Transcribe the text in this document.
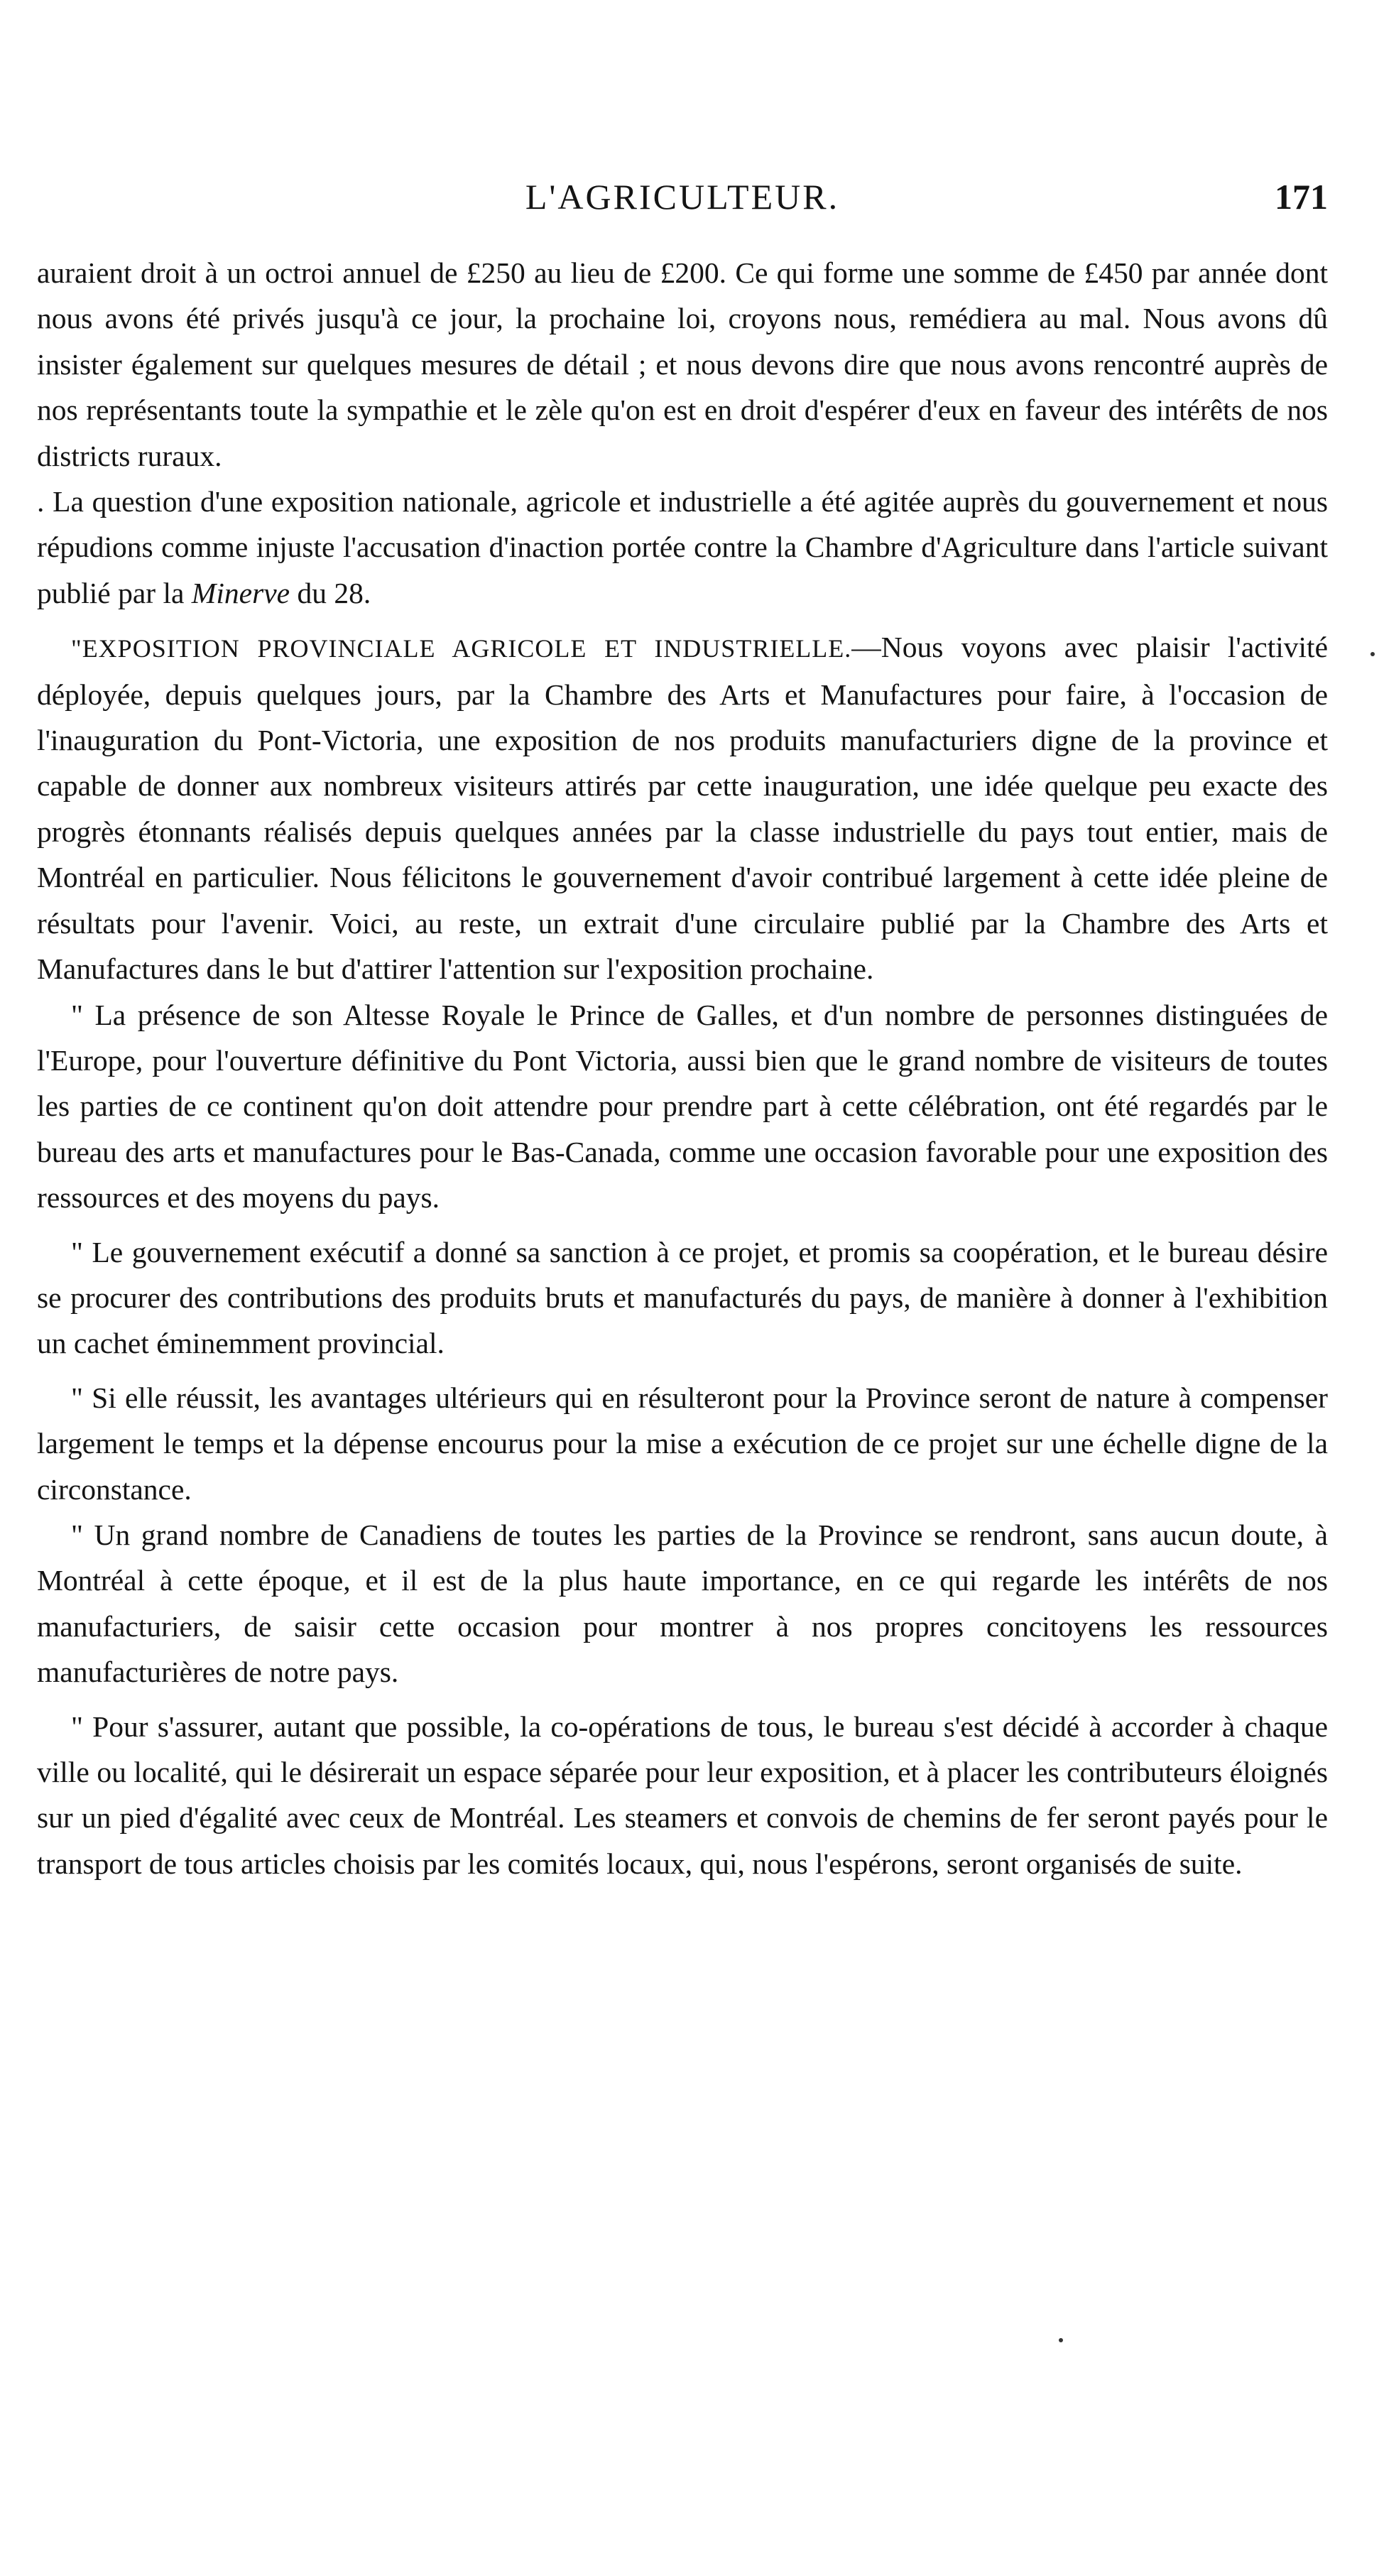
L'AGRICULTEUR.	171

auraient droit à un octroi annuel de £250 au lieu de £200. Ce qui forme une somme de £450 par année dont nous avons été privés jusqu'à ce jour, la prochaine loi, croyons nous, remédiera au mal. Nous avons dû insister également sur quelques mesures de détail ; et nous devons dire que nous avons rencontré auprès de nos représentants toute la sympathie et le zèle qu'on est en droit d'espérer d'eux en faveur des intérêts de nos districts ruraux.

. La question d'une exposition nationale, agricole et industrielle a été agitée auprès du gouvernement et nous répudions comme injuste l'accusation d'inaction portée contre la Chambre d'Agriculture dans l'article suivant publié par la Minerve du 28.

"EXPOSITION PROVINCIALE AGRICOLE ET INDUSTRIELLE.—Nous voyons avec plaisir l'activité déployée, depuis quelques jours, par la Chambre des Arts et Manufactures pour faire, à l'occasion de l'inauguration du Pont-Victoria, une exposition de nos produits manufacturiers digne de la province et capable de donner aux nombreux visiteurs attirés par cette inauguration, une idée quelque peu exacte des progrès étonnants réalisés depuis quelques années par la classe industrielle du pays tout entier, mais de Montréal en particulier. Nous félicitons le gouvernement d'avoir contribué largement à cette idée pleine de résultats pour l'avenir. Voici, au reste, un extrait d'une circulaire publié par la Chambre des Arts et Manufactures dans le but d'attirer l'attention sur l'exposition prochaine.

" La présence de son Altesse Royale le Prince de Galles, et d'un nombre de personnes distinguées de l'Europe, pour l'ouverture définitive du Pont Victoria, aussi bien que le grand nombre de visiteurs de toutes les parties de ce continent qu'on doit attendre pour prendre part à cette célébration, ont été regardés par le bureau des arts et manufactures pour le Bas-Canada, comme une occasion favorable pour une exposition des ressources et des moyens du pays.

" Le gouvernement exécutif a donné sa sanction à ce projet, et promis sa coopération, et le bureau désire se procurer des contributions des produits bruts et manufacturés du pays, de manière à donner à l'exhibition un cachet éminemment provincial.

" Si elle réussit, les avantages ultérieurs qui en résulteront pour la Province seront de nature à compenser largement le temps et la dépense encourus pour la mise a exécution de ce projet sur une échelle digne de la circonstance.

" Un grand nombre de Canadiens de toutes les parties de la Province se rendront, sans aucun doute, à Montréal à cette époque, et il est de la plus haute importance, en ce qui regarde les intérêts de nos manufacturiers, de saisir cette occasion pour montrer à nos propres concitoyens les ressources manufacturières de notre pays.

" Pour s'assurer, autant que possible, la co-opérations de tous, le bureau s'est décidé à accorder à chaque ville ou localité, qui le désirerait un espace séparée pour leur exposition, et à placer les contributeurs éloignés sur un pied d'égalité avec ceux de Montréal. Les steamers et convois de chemins de fer seront payés pour le transport de tous articles choisis par les comités locaux, qui, nous l'espérons, seront organisés de suite.
